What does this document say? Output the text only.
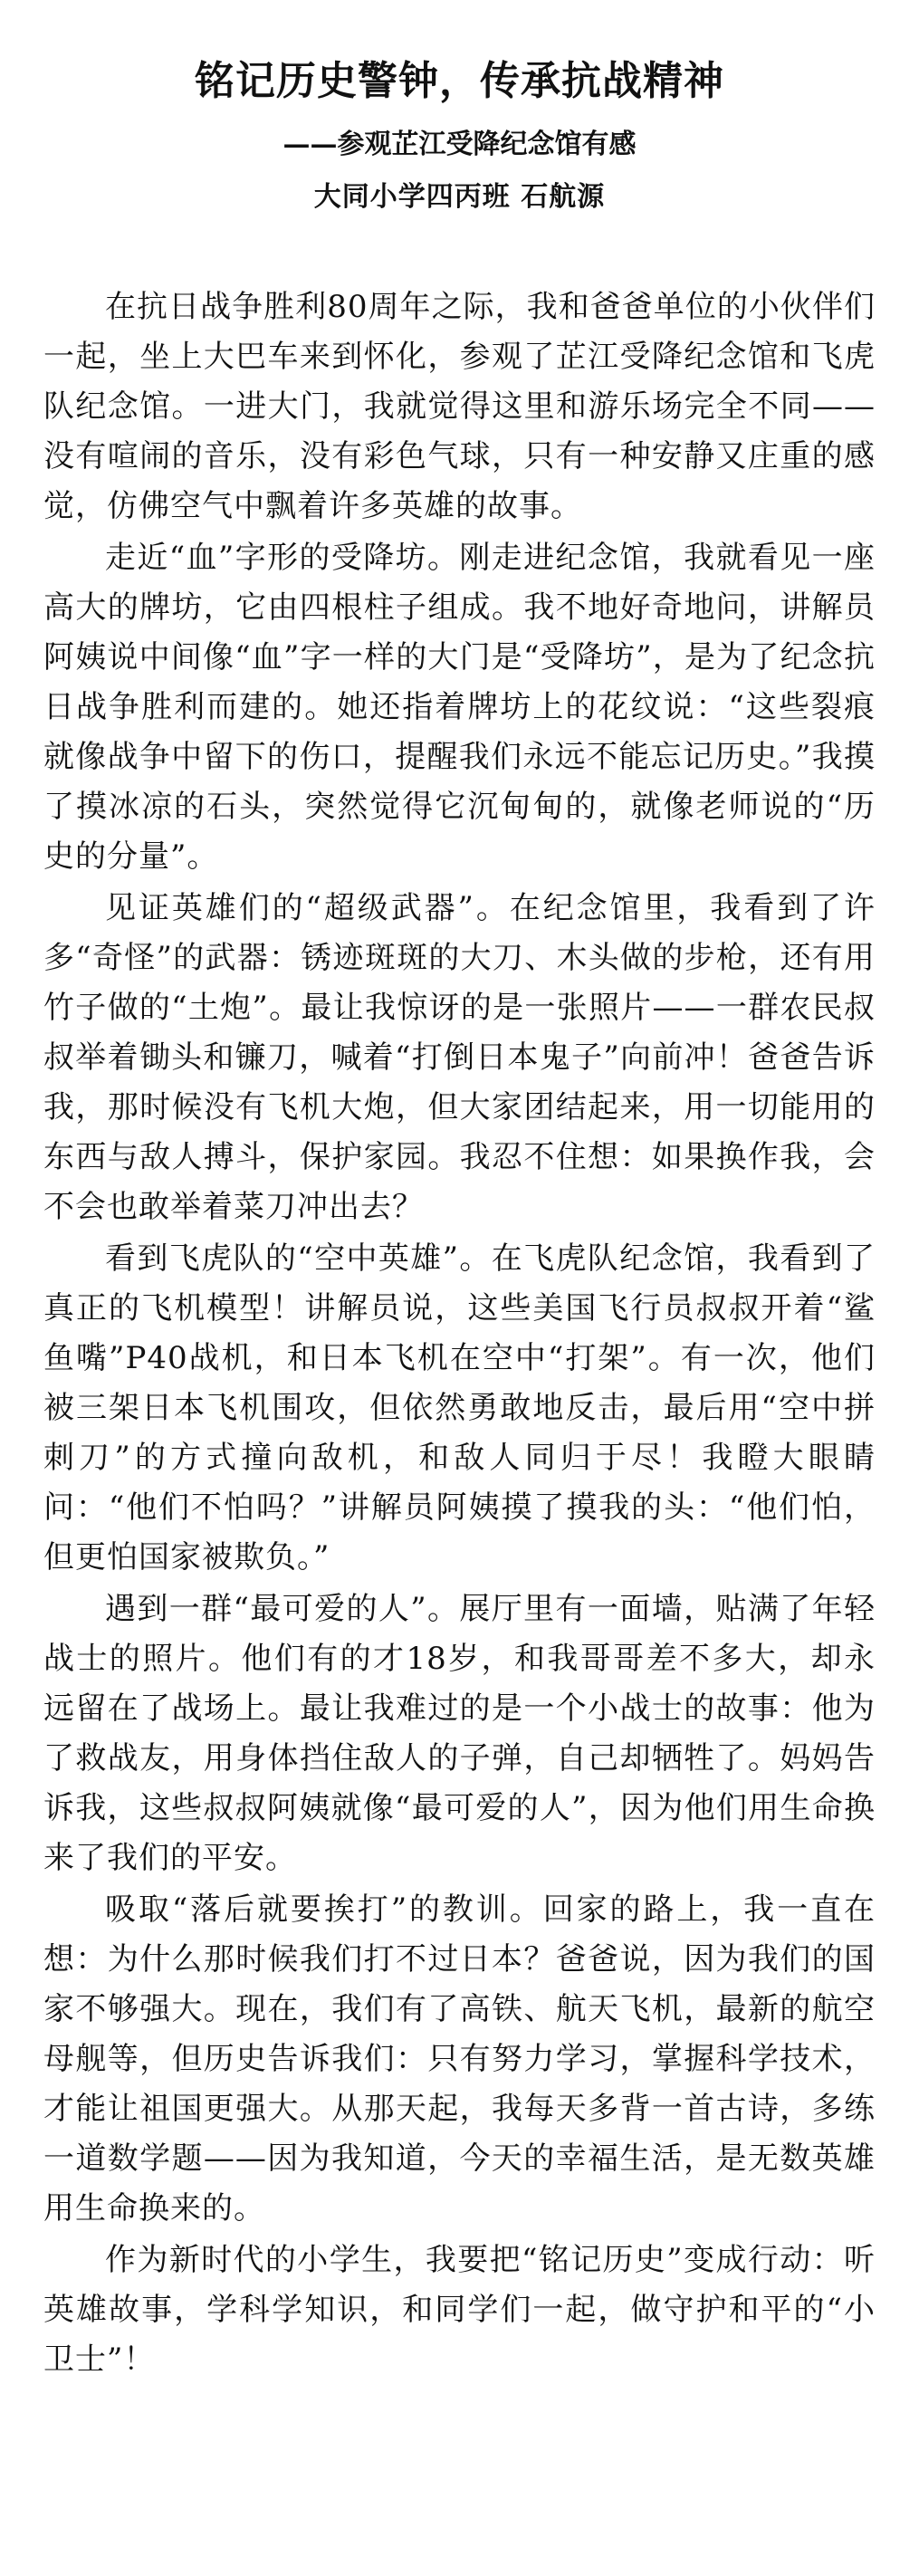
铭记历史警钟，传承抗战精神
——参观芷江受降纪念馆有感
大同小学四丙班 石航源

在抗日战争胜利80周年之际，我和爸爸单位的小伙伴们一起，坐上大巴车来到怀化，参观了芷江受降纪念馆和飞虎队纪念馆。一进大门，我就觉得这里和游乐场完全不同——没有喧闹的音乐，没有彩色气球，只有一种安静又庄重的感觉，仿佛空气中飘着许多英雄的故事。

走近“血”字形的受降坊。刚走进纪念馆，我就看见一座高大的牌坊，它由四根柱子组成。我不地好奇地问，讲解员阿姨说中间像“血”字一样的大门是“受降坊”，是为了纪念抗日战争胜利而建的。她还指着牌坊上的花纹说：“这些裂痕就像战争中留下的伤口，提醒我们永远不能忘记历史。”我摸了摸冰凉的石头，突然觉得它沉甸甸的，就像老师说的“历史的分量”。

见证英雄们的“超级武器”。在纪念馆里，我看到了许多“奇怪”的武器：锈迹斑斑的大刀、木头做的步枪，还有用竹子做的“土炮”。最让我惊讶的是一张照片——一群农民叔叔举着锄头和镰刀，喊着“打倒日本鬼子”向前冲！爸爸告诉我，那时候没有飞机大炮，但大家团结起来，用一切能用的东西与敌人搏斗，保护家园。我忍不住想：如果换作我，会不会也敢举着菜刀冲出去？

看到飞虎队的“空中英雄”。在飞虎队纪念馆，我看到了真正的飞机模型！讲解员说，这些美国飞行员叔叔开着“鲨鱼嘴”P40战机，和日本飞机在空中“打架”。有一次，他们被三架日本飞机围攻，但依然勇敢地反击，最后用“空中拼刺刀”的方式撞向敌机，和敌人同归于尽！我瞪大眼睛问：“他们不怕吗？”讲解员阿姨摸了摸我的头：“他们怕，但更怕国家被欺负。”

遇到一群“最可爱的人”。展厅里有一面墙，贴满了年轻战士的照片。他们有的才18岁，和我哥哥差不多大，却永远留在了战场上。最让我难过的是一个小战士的故事：他为了救战友，用身体挡住敌人的子弹，自己却牺牲了。妈妈告诉我，这些叔叔阿姨就像“最可爱的人”，因为他们用生命换来了我们的平安。

吸取“落后就要挨打”的教训。回家的路上，我一直在想：为什么那时候我们打不过日本？爸爸说，因为我们的国家不够强大。现在，我们有了高铁、航天飞机，最新的航空母舰等，但历史告诉我们：只有努力学习，掌握科学技术，才能让祖国更强大。从那天起，我每天多背一首古诗，多练一道数学题——因为我知道，今天的幸福生活，是无数英雄用生命换来的。

作为新时代的小学生，我要把“铭记历史”变成行动：听英雄故事，学科学知识，和同学们一起，做守护和平的“小卫士”！
